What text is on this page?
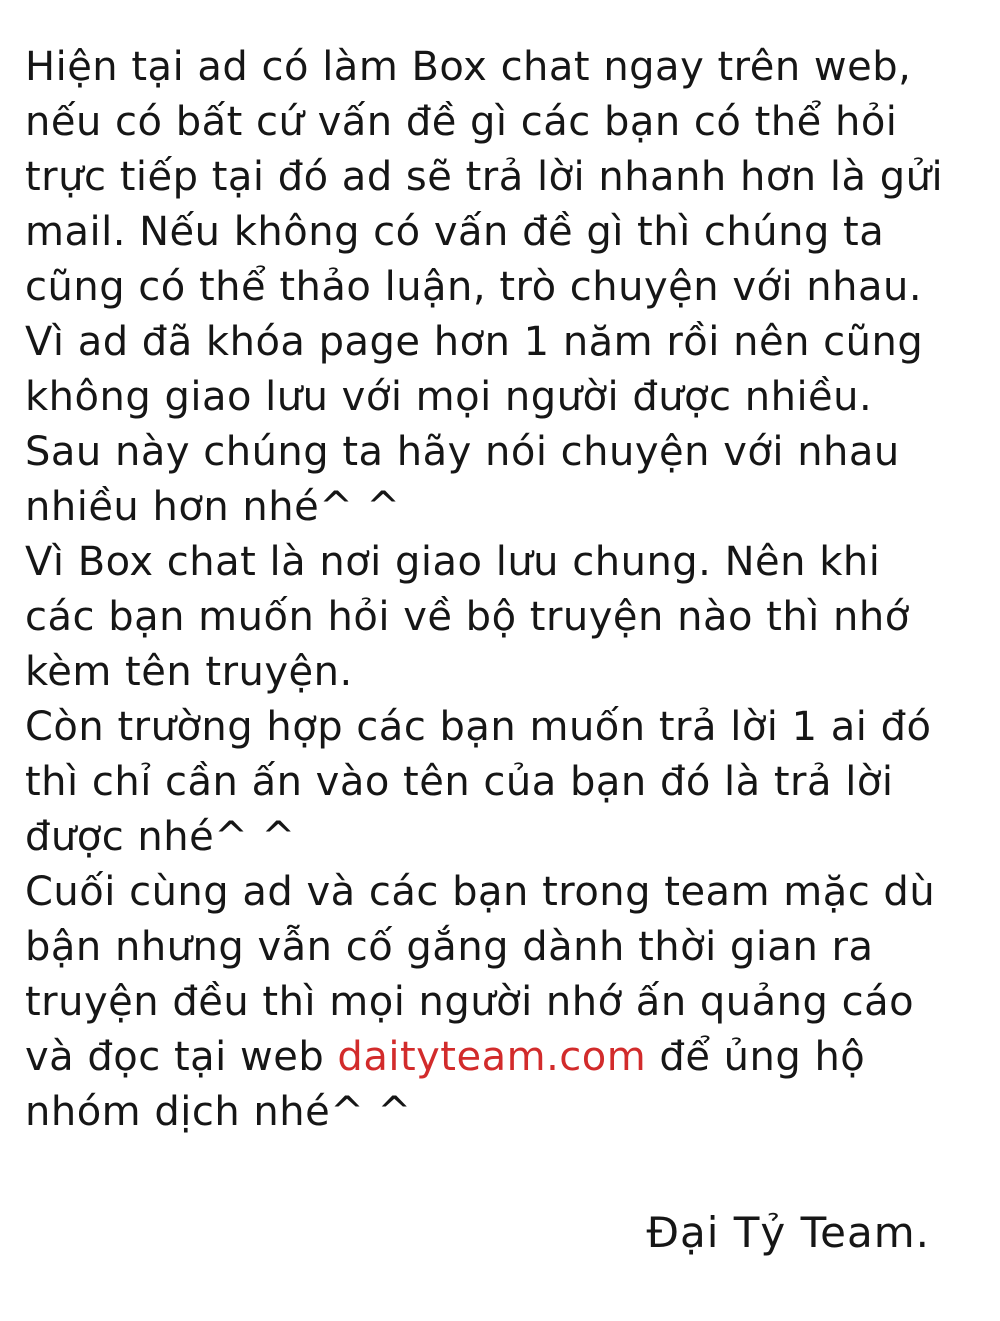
Hiện tại ad có làm Box chat ngay trên web,
nếu có bất cứ vấn đề gì các bạn có thể hỏi
trực tiếp tại đó ad sẽ trả lời nhanh hơn là gửi
mail. Nếu không có vấn đề gì thì chúng ta
cũng có thể thảo luận, trò chuyện với nhau.
Vì ad đã khóa page hơn 1 năm rồi nên cũng
không giao lưu với mọi người được nhiều.
Sau này chúng ta hãy nói chuyện với nhau
nhiều hơn nhé^ ^
Vì Box chat là nơi giao lưu chung. Nên khi
các bạn muốn hỏi về bộ truyện nào thì nhớ
kèm tên truyện.
Còn trường hợp các bạn muốn trả lời 1 ai đó
thì chỉ cần ấn vào tên của bạn đó là trả lời
được nhé^ ^
Cuối cùng ad và các bạn trong team mặc dù
bận nhưng vẫn cố gắng dành thời gian ra
truyện đều thì mọi người nhớ ấn quảng cáo
và đọc tại web daityteam.com để ủng hộ
nhóm dịch nhé^ ^
Đại Tỷ Team.
